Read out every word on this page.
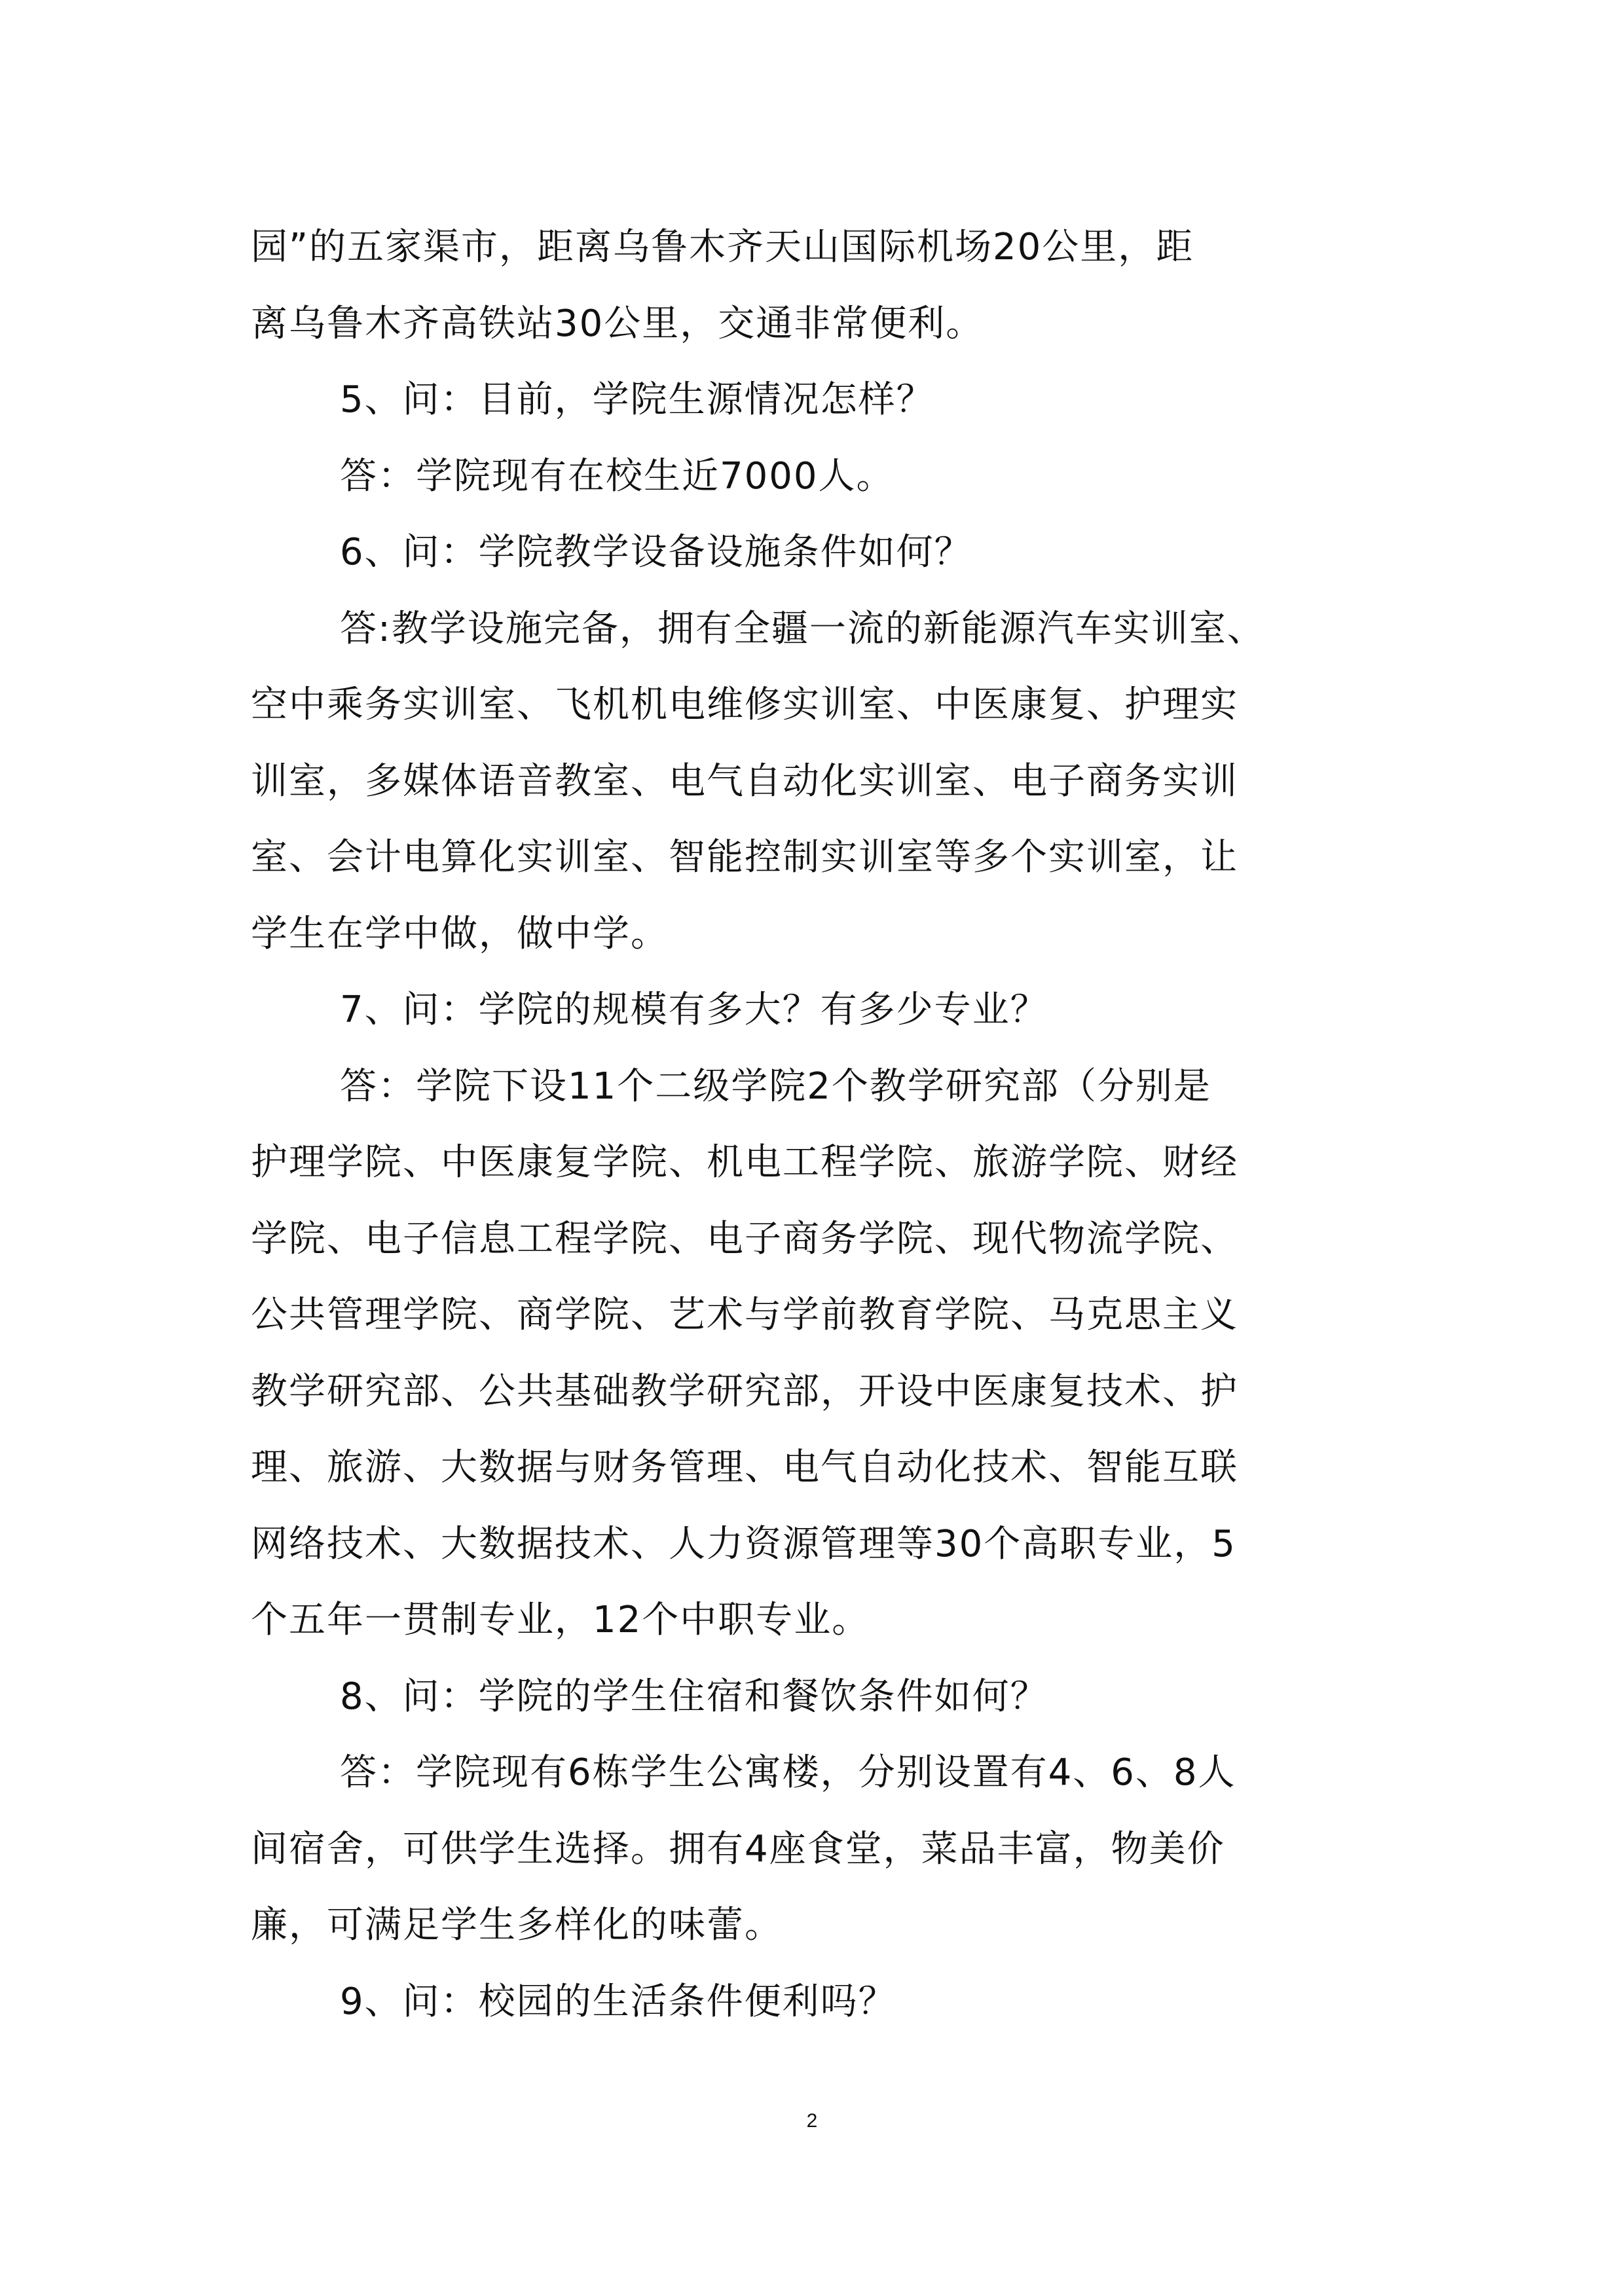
园”的五家渠市，距离乌鲁木齐天山国际机场20公里，距
离乌鲁木齐高铁站30公里，交通非常便利。
5、问：目前，学院生源情况怎样？
答：学院现有在校生近7000人。
6、问：学院教学设备设施条件如何？
答:教学设施完备，拥有全疆一流的新能源汽车实训室、
空中乘务实训室、飞机机电维修实训室、中医康复、护理实
训室，多媒体语音教室、电气自动化实训室、电子商务实训
室、会计电算化实训室、智能控制实训室等多个实训室，让
学生在学中做，做中学。
7、问：学院的规模有多大？有多少专业？
答：学院下设11个二级学院2个教学研究部（分别是
护理学院、中医康复学院、机电工程学院、旅游学院、财经
学院、电子信息工程学院、电子商务学院、现代物流学院、
公共管理学院、商学院、艺术与学前教育学院、马克思主义
教学研究部、公共基础教学研究部，开设中医康复技术、护
理、旅游、大数据与财务管理、电气自动化技术、智能互联
网络技术、大数据技术、人力资源管理等30个高职专业，5
个五年一贯制专业，12个中职专业。
8、问：学院的学生住宿和餐饮条件如何？
答：学院现有6栋学生公寓楼，分别设置有4、6、8人
间宿舍，可供学生选择。拥有4座食堂，菜品丰富，物美价
廉，可满足学生多样化的味蕾。
9、问：校园的生活条件便利吗？
2
